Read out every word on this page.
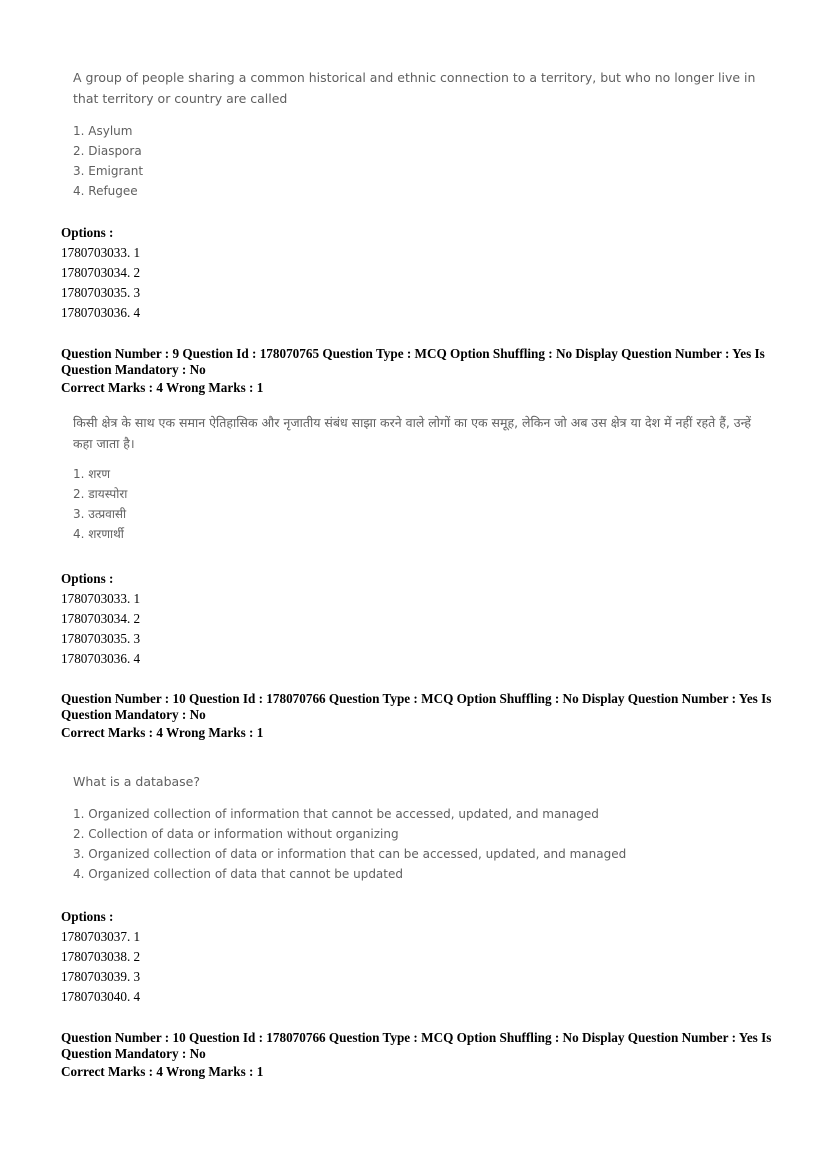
A group of people sharing a common historical and ethnic connection to a territory, but who no longer live in that territory or country are called

1. Asylum
2. Diaspora
3. Emigrant
4. Refugee
Options :
1780703033. 1
1780703034. 2
1780703035. 3
1780703036. 4
Question Number : 9 Question Id : 178070765 Question Type : MCQ Option Shuffling : No Display Question Number : Yes Is Question Mandatory : No
Correct Marks : 4 Wrong Marks : 1

किसी क्षेत्र के साथ एक समान ऐतिहासिक और नृजातीय संबंध साझा करने वाले लोगों का एक समूह, लेकिन जो अब उस क्षेत्र या देश में नहीं रहते हैं, उन्हें कहा जाता है।

1. शरण
2. डायस्पोरा
3. उत्प्रवासी
4. शरणार्थी
Options :
1780703033. 1
1780703034. 2
1780703035. 3
1780703036. 4
Question Number : 10 Question Id : 178070766 Question Type : MCQ Option Shuffling : No Display Question Number : Yes Is Question Mandatory : No
Correct Marks : 4 Wrong Marks : 1

What is a database?

1. Organized collection of information that cannot be accessed, updated, and managed
2. Collection of data or information without organizing
3. Organized collection of data or information that can be accessed, updated, and managed
4. Organized collection of data that cannot be updated
Options :
1780703037. 1
1780703038. 2
1780703039. 3
1780703040. 4
Question Number : 10 Question Id : 178070766 Question Type : MCQ Option Shuffling : No Display Question Number : Yes Is Question Mandatory : No
Correct Marks : 4 Wrong Marks : 1
